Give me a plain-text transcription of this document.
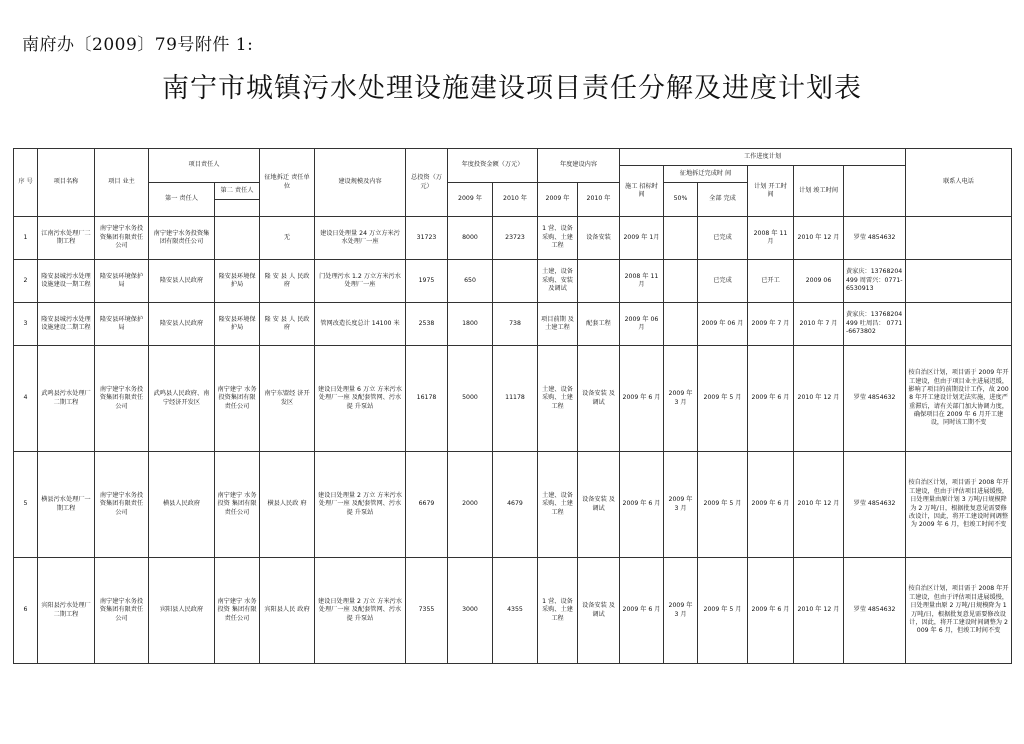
南府办〔2009〕79号附件 1:
南宁市城镇污水处理设施建设项目责任分解及进度计划表
序 号	项目名称	项目 业主	项目责任人		征地拆迁 责任单位	建设规模及内容	总投资（万元）	年度投资金额（万元）		年度建设内容		工作进度计划						联系人电话	
												施工 招标时 间	征地拆迁完成时 间		计划 开工时 间	计划 竣工时间			
			第一 责任人	第二 责任人				2009 年	2010 年	2009 年	2010 年		50%	全部 完成					

1	江南污水处理厂二期工程	南宁建宁水务投资集团有限责任公司	南宁建宁水务投资集团有限责任公司		无	建设日处理量 24 万立方米污水处理厂一座	31723	8000	23723	1 营、设备采购、土建工程	设备安装	2009 年 1月		已完成	2008 年 11 月	2010 年 12 月	罗莹 4854632		
2	隆安县城污水处理设施建设一期工程	隆安县环境保护局	隆安县人民政府	隆安县环境保护局	隆 安 县 人 民政府	门处理污水 1.2 万立方米污水处理厂一座	1975	650		土建，设备采购、安装及调试		2008 年 11 月		已完成	已开工	2009 06	黄家庆：13768204499 周雷兴：0771-6530913		
3	隆安县城污水处理设施建设二期工程	隆安县环境保护局	隆安县人民政府	隆安县环境保护局	隆 安 县 人 民政府	管网改造长度总计 14100 米	2538	1800	738	项目前期 及土建工程	配套工程	2009 年 06 月		2009 年 06 月	2009 年 7 月	2010 年 7 月	黄家庆：13768204499 吐周昌： 0771-6673802		
4	武鸣县污水处理厂二期工程	南宁建宁水务投资集团有限责任公司	武鸣县人民政府、南宁经济开发区	南宁建宁 水务投资集团有限 责任公司	南宁东盟经 济开发区	建设日处理量 6 万立 方米污水处理厂一座 及配套管网、污水提 升泵站	16178	5000	11178	土建、设备采购、土建工程	设备安装 及调试	2009 年 6 月	2009 年 3 月	2009 年 5 月	2009 年 6 月	2010 年 12 月	罗莹 4854632	按自治区计划，项目需于 2009 年开工建设，但由于项目业主进展迟缓，影响了项目的前期设计工作，故 2008 年开工建设计划无法实施，进度严重滞后，请有关部门加大协调力度，确保项目在 2009 年 6 月开工建设，同时该工期不变	
5	横县污水处理厂一期工程	南宁建宁水务投资集团有限责任公司	横县人民政府	南宁建宁 水务投资 集团有限 责任公司	横县人民政 府	建设日处理量 2 万立 方米污水处理厂一座 及配套管网、污水提 升泵站	6679	2000	4679	土建、设备采购、土建工程	设备安装 及调试	2009 年 6 月	2009 年 3 月	2009 年 5 月	2009 年 6 月	2010 年 12 月	罗莹 4854632	按自治区计划，项目需于 2008 年开工建设，但由于评估项目进展缓慢，日处理量由原计划 3 万吨/日规模降为 2 万吨/日，根据批复意见需要修改设计，因此，将开工建设时间调整为 2009 年 6 月，但竣工时间不变	
6	宾阳县污水处理厂二期工程	南宁建宁水务投资集团有限责任公司	宾阳县人民政府	南宁建宁 水务投资 集团有限 责任公司	宾阳县人民 政府	建设日处理量 2 万立 方米污水处理厂一座 及配套管网、污水提 升泵站	7355	3000	4355	1 营、设备采购、土建工程	设备安装 及调试	2009 年 6 月	2009 年 3 月	2009 年 5 月	2009 年 6 月	2010 年 12 月	罗莹 4854632	按自治区计划，项目需于 2008 年开工建设，但由于评估项目进展缓慢，日处理量由原 2 万吨/日规模降为 1 万吨/日，根据批复意见需要修改设计，因此，将开工建设时间调整为 2009 年 6 月，但竣工时间不变	
